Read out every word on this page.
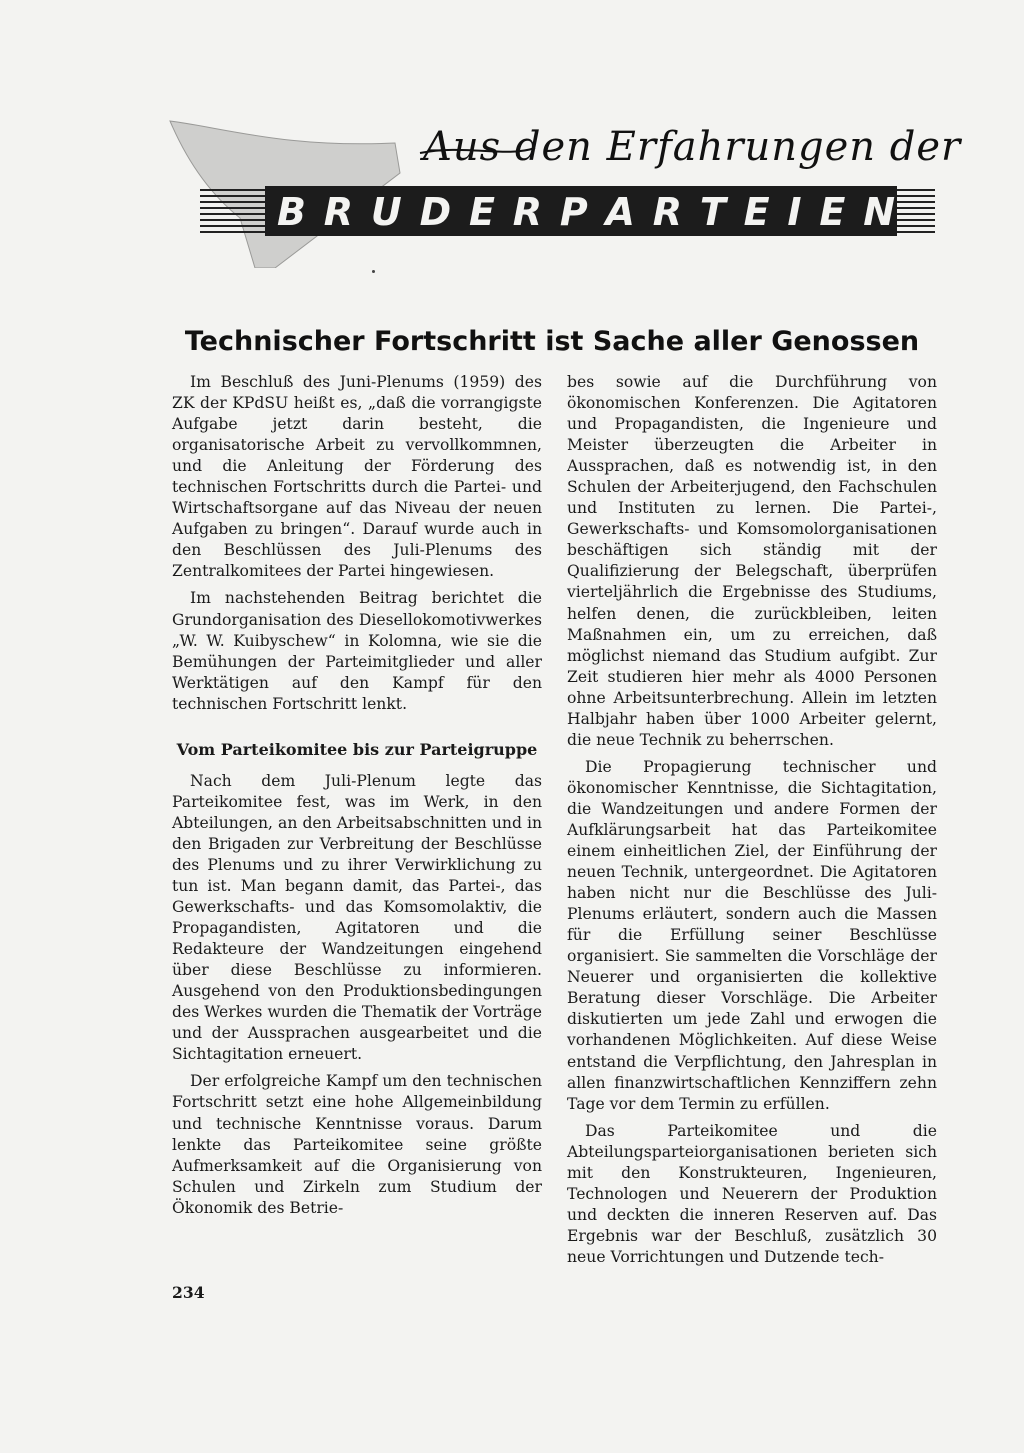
Aus den Erfahrungen der
B R U D E R P A R T E I E N
Technischer Fortschritt ist Sache aller Genossen

Im Beschluß des Juni-Plenums (1959) des ZK der KPdSU heißt es, „daß die vorrangigste Aufgabe jetzt darin besteht, die organisatorische Arbeit zu vervollkommnen, und die Anleitung der Förderung des technischen Fortschritts durch die Partei- und Wirtschaftsorgane auf das Niveau der neuen Aufgaben zu bringen“. Darauf wurde auch in den Beschlüssen des Juli-Plenums des Zentralkomitees der Partei hingewiesen.

Im nachstehenden Beitrag berichtet die Grundorganisation des Diesellokomotivwerkes „W. W. Kuibyschew“ in Kolomna, wie sie die Bemühungen der Parteimitglieder und aller Werktätigen auf den Kampf für den technischen Fortschritt lenkt.

Vom Parteikomitee bis zur Parteigruppe

Nach dem Juli-Plenum legte das Parteikomitee fest, was im Werk, in den Abteilungen, an den Arbeitsabschnitten und in den Brigaden zur Verbreitung der Beschlüsse des Plenums und zu ihrer Verwirklichung zu tun ist. Man begann damit, das Partei-, das Gewerkschafts- und das Komsomolaktiv, die Propagandisten, Agitatoren und die Redakteure der Wandzeitungen eingehend über diese Beschlüsse zu informieren. Ausgehend von den Produktionsbedingungen des Werkes wurden die Thematik der Vorträge und der Aussprachen ausgearbeitet und die Sichtagitation erneuert.

Der erfolgreiche Kampf um den technischen Fortschritt setzt eine hohe Allgemeinbildung und technische Kenntnisse voraus. Darum lenkte das Parteikomitee seine größte Aufmerksamkeit auf die Organisierung von Schulen und Zirkeln zum Studium der Ökonomik des Betrie-

bes sowie auf die Durchführung von ökonomischen Konferenzen. Die Agitatoren und Propagandisten, die Ingenieure und Meister überzeugten die Arbeiter in Aussprachen, daß es notwendig ist, in den Schulen der Arbeiterjugend, den Fachschulen und Instituten zu lernen. Die Partei-, Gewerkschafts- und Komsomolorganisationen beschäftigen sich ständig mit der Qualifizierung der Belegschaft, überprüfen vierteljährlich die Ergebnisse des Studiums, helfen denen, die zurückbleiben, leiten Maßnahmen ein, um zu erreichen, daß möglichst niemand das Studium aufgibt. Zur Zeit studieren hier mehr als 4000 Personen ohne Arbeitsunterbrechung. Allein im letzten Halbjahr haben über 1000 Arbeiter gelernt, die neue Technik zu beherrschen.

Die Propagierung technischer und ökonomischer Kenntnisse, die Sichtagitation, die Wandzeitungen und andere Formen der Aufklärungsarbeit hat das Parteikomitee einem einheitlichen Ziel, der Einführung der neuen Technik, untergeordnet. Die Agitatoren haben nicht nur die Beschlüsse des Juli-Plenums erläutert, sondern auch die Massen für die Erfüllung seiner Beschlüsse organisiert. Sie sammelten die Vorschläge der Neuerer und organisierten die kollektive Beratung dieser Vorschläge. Die Arbeiter diskutierten um jede Zahl und erwogen die vorhandenen Möglichkeiten. Auf diese Weise entstand die Verpflichtung, den Jahresplan in allen finanzwirtschaftlichen Kennziffern zehn Tage vor dem Termin zu erfüllen.

Das Parteikomitee und die Abteilungsparteiorganisationen berieten sich mit den Konstrukteuren, Ingenieuren, Technologen und Neuerern der Produktion und deckten die inneren Reserven auf. Das Ergebnis war der Beschluß, zusätzlich 30 neue Vorrichtungen und Dutzende tech-

234
